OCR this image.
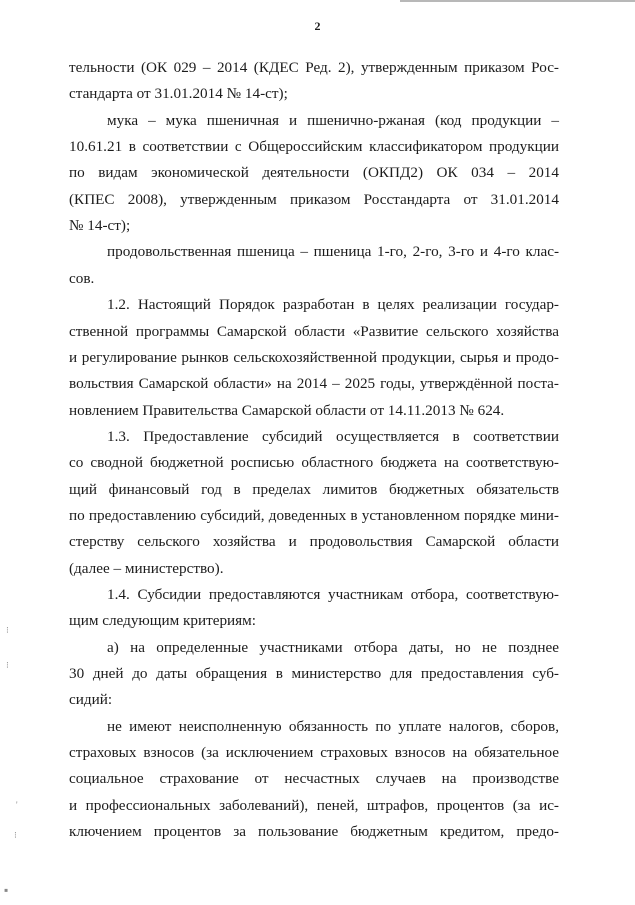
2
⁝
⁝
'
⁝
▪
тельности (ОК 029 – 2014 (КДЕС Ред. 2), утвержденным приказом Рос-
стандарта от 31.01.2014 № 14-ст);
мука – мука пшеничная и пшенично-ржаная (код продукции –
10.61.21 в соответствии с Общероссийским классификатором продукции
по видам экономической деятельности (ОКПД2) ОК 034 – 2014
(КПЕС 2008), утвержденным приказом Росстандарта от 31.01.2014
№ 14-ст);
продовольственная пшеница – пшеница 1-го, 2-го, 3-го и 4-го клас-
сов.
1.2. Настоящий Порядок разработан в целях реализации государ-
ственной программы Самарской области «Развитие сельского хозяйства
и регулирование рынков сельскохозяйственной продукции, сырья и продо-
вольствия Самарской области» на 2014 – 2025 годы, утверждённой поста-
новлением Правительства Самарской области от 14.11.2013 № 624.
1.3. Предоставление субсидий осуществляется в соответствии
со сводной бюджетной росписью областного бюджета на соответствую-
щий финансовый год в пределах лимитов бюджетных обязательств
по предоставлению субсидий, доведенных в установленном порядке мини-
стерству сельского хозяйства и продовольствия Самарской области
(далее – министерство).
1.4. Субсидии предоставляются участникам отбора, соответствую-
щим следующим критериям:
а) на определенные участниками отбора даты, но не позднее
30 дней до даты обращения в министерство для предоставления суб-
сидий:
не имеют неисполненную обязанность по уплате налогов, сборов,
страховых взносов (за исключением страховых взносов на обязательное
социальное страхование от несчастных случаев на производстве
и профессиональных заболеваний), пеней, штрафов, процентов (за ис-
ключением процентов за пользование бюджетным кредитом, предо-
